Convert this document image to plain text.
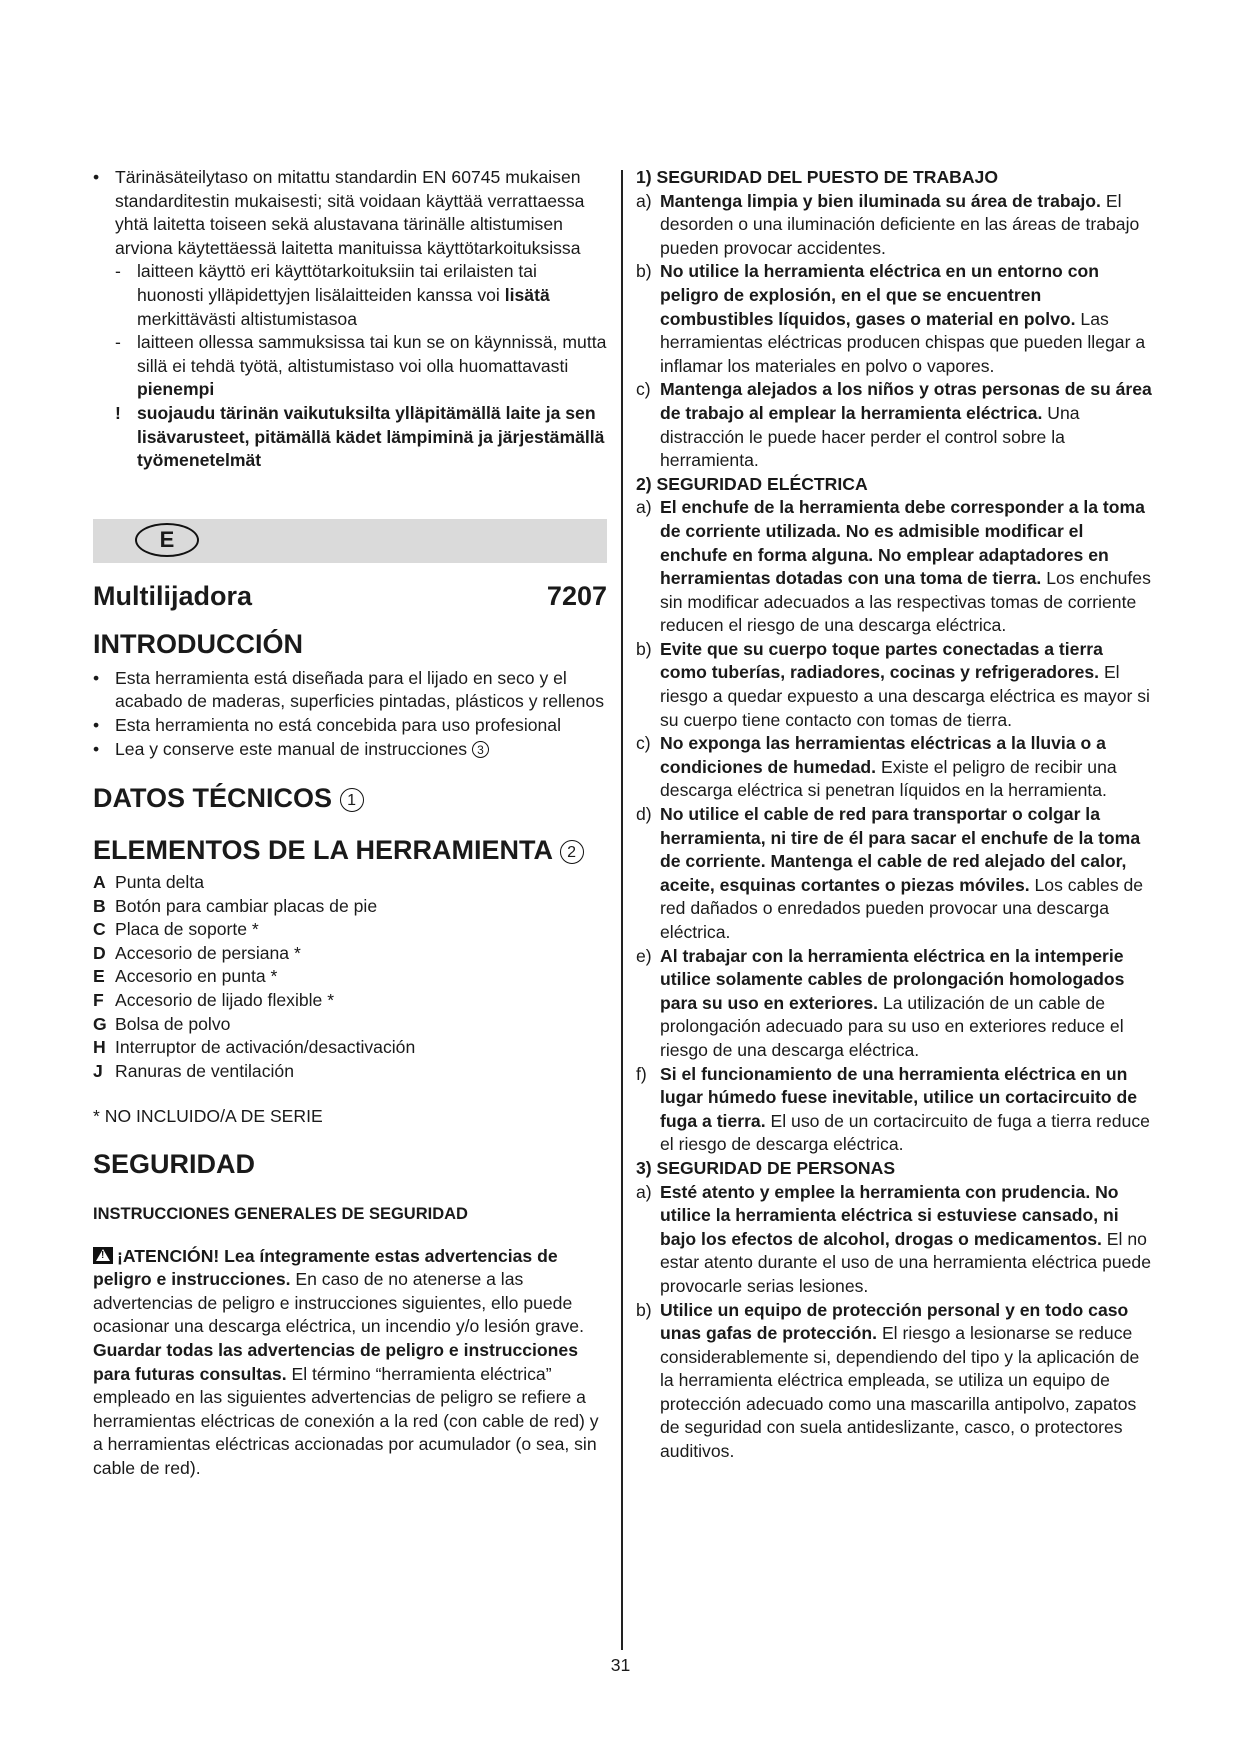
• Tärinäsäteilytaso on mitattu standardin EN 60745 mukaisen standarditestin mukaisesti; sitä voidaan käyttää verrattaessa yhtä laitetta toiseen sekä alustavana tärinälle altistumisen arviona käytettäessä laitetta manituissa käyttötarkoituksissa
- laitteen käyttö eri käyttötarkoituksiin tai erilaisten tai huonosti ylläpidettyjen lisälaitteiden kanssa voi lisätä merkittävästi altistumistasoa
- laitteen ollessa sammuksissa tai kun se on käynnissä, mutta sillä ei tehdä työtä, altistumistaso voi olla huomattavasti pienempi
! suojaudu tärinän vaikutuksilta ylläpitämällä laite ja sen lisävarusteet, pitämällä kädet lämpiminä ja järjestämällä työmenetelmät
E
Multilijadora	7207
INTRODUCCIÓN
• Esta herramienta está diseñada para el lijado en seco y el acabado de maderas, superficies pintadas, plásticos y rellenos
• Esta herramienta no está concebida para uso profesional
• Lea y conserve este manual de instrucciones 3
DATOS TÉCNICOS 1
ELEMENTOS DE LA HERRAMIENTA 2
A Punta delta
B Botón para cambiar placas de pie
C Placa de soporte *
D Accesorio de persiana *
E Accesorio en punta *
F Accesorio de lijado flexible *
G Bolsa de polvo
H Interruptor de activación/desactivación
J Ranuras de ventilación
* NO INCLUIDO/A DE SERIE
SEGURIDAD
INSTRUCCIONES GENERALES DE SEGURIDAD
!¡ATENCIÓN! Lea íntegramente estas advertencias de peligro e instrucciones. En caso de no atenerse a las advertencias de peligro e instrucciones siguientes, ello puede ocasionar una descarga eléctrica, un incendio y/o lesión grave. Guardar todas las advertencias de peligro e instrucciones para futuras consultas. El término “herramienta eléctrica” empleado en las siguientes advertencias de peligro se refiere a herramientas eléctricas de conexión a la red (con cable de red) y a herramientas eléctricas accionadas por acumulador (o sea, sin cable de red).
1) SEGURIDAD DEL PUESTO DE TRABAJO
a) Mantenga limpia y bien iluminada su área de trabajo. El desorden o una iluminación deficiente en las áreas de trabajo pueden provocar accidentes.
b) No utilice la herramienta eléctrica en un entorno con peligro de explosión, en el que se encuentren combustibles líquidos, gases o material en polvo. Las herramientas eléctricas producen chispas que pueden llegar a inflamar los materiales en polvo o vapores.
c) Mantenga alejados a los niños y otras personas de su área de trabajo al emplear la herramienta eléctrica. Una distracción le puede hacer perder el control sobre la herramienta.
2) SEGURIDAD ELÉCTRICA
a) El enchufe de la herramienta debe corresponder a la toma de corriente utilizada. No es admisible modificar el enchufe en forma alguna. No emplear adaptadores en herramientas dotadas con una toma de tierra. Los enchufes sin modificar adecuados a las respectivas tomas de corriente reducen el riesgo de una descarga eléctrica.
b) Evite que su cuerpo toque partes conectadas a tierra como tuberías, radiadores, cocinas y refrigeradores. El riesgo a quedar expuesto a una descarga eléctrica es mayor si su cuerpo tiene contacto con tomas de tierra.
c) No exponga las herramientas eléctricas a la lluvia o a condiciones de humedad. Existe el peligro de recibir una descarga eléctrica si penetran líquidos en la herramienta.
d) No utilice el cable de red para transportar o colgar la herramienta, ni tire de él para sacar el enchufe de la toma de corriente. Mantenga el cable de red alejado del calor, aceite, esquinas cortantes o piezas móviles. Los cables de red dañados o enredados pueden provocar una descarga eléctrica.
e) Al trabajar con la herramienta eléctrica en la intemperie utilice solamente cables de prolongación homologados para su uso en exteriores. La utilización de un cable de prolongación adecuado para su uso en exteriores reduce el riesgo de una descarga eléctrica.
f) Si el funcionamiento de una herramienta eléctrica en un lugar húmedo fuese inevitable, utilice un cortacircuito de fuga a tierra. El uso de un cortacircuito de fuga a tierra reduce el riesgo de descarga eléctrica.
3) SEGURIDAD DE PERSONAS
a) Esté atento y emplee la herramienta con prudencia. No utilice la herramienta eléctrica si estuviese cansado, ni bajo los efectos de alcohol, drogas o medicamentos. El no estar atento durante el uso de una herramienta eléctrica puede provocarle serias lesiones.
b) Utilice un equipo de protección personal y en todo caso unas gafas de protección. El riesgo a lesionarse se reduce considerablemente si, dependiendo del tipo y la aplicación de la herramienta eléctrica empleada, se utiliza un equipo de protección adecuado como una mascarilla antipolvo, zapatos de seguridad con suela antideslizante, casco, o protectores auditivos.
31
